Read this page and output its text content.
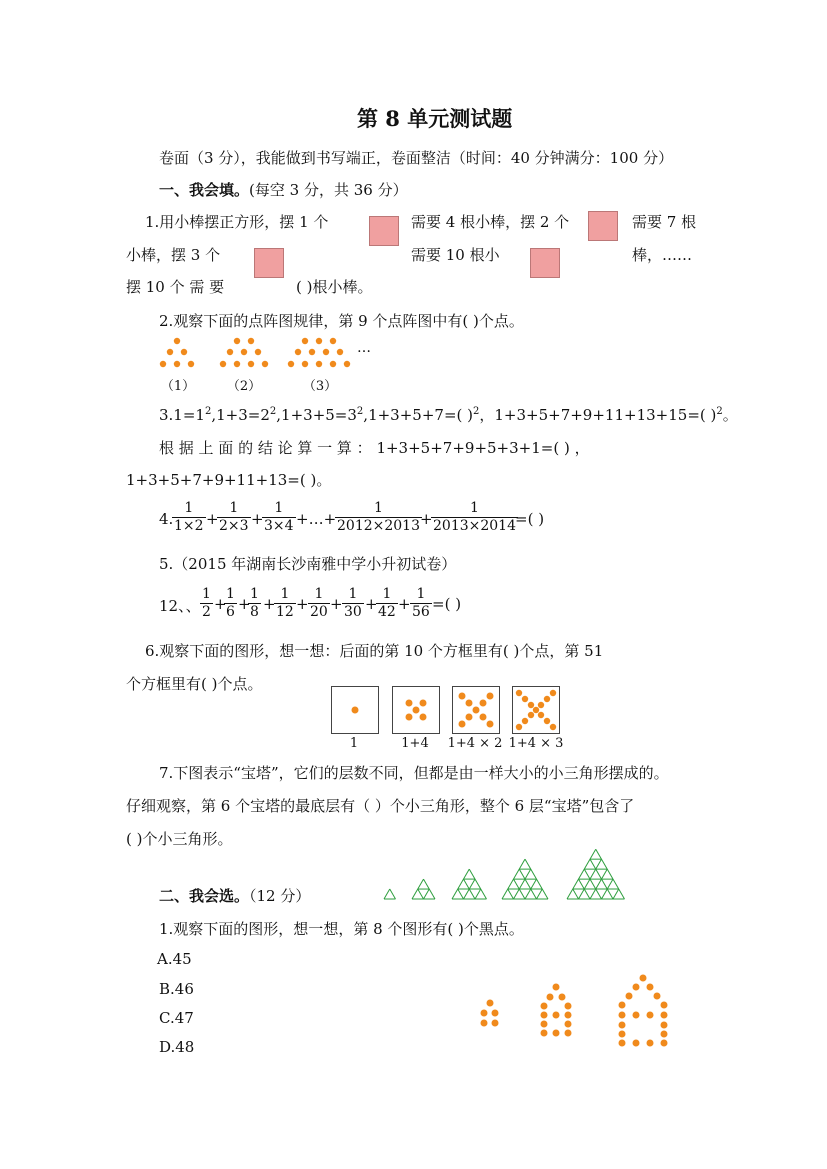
第 8 单元测试题
卷面（3 分），我能做到书写端正，卷面整洁（时间：40 分钟满分：100 分）
一、我会填。(每空 3 分，共 36 分）
1.用小棒摆正方形，摆 1 个	需要 4 根小棒，摆 2 个	需要 7 根
小棒，摆 3 个	需要 10 根小	棒，……
摆 10 个 需 要	( )根小棒。
2.观察下面的点阵图规律，第 9 个点阵图中有( )个点。
…
（1）	（2）	（3）
$3.1=1^2,1+3=2^2,1+3+5=3^2,1+3+5+7=$( )$^2$，1+3+5+7+9+11+13+15=( )$^2$。
根 据 上 面 的 结 论 算 一 算 ： 1+3+5+7+9+5+3+1=( ) ，
1+3+5+7+9+11+13=( )。
4.
$\frac{1}{1\times 2}$ +
$\frac{1}{2\times 3}$ +
$\frac{1}{3\times 4}$ +…+
$\frac{1}{2012\times 2013}$
+
$\frac{1}{2013\times 2014}$
=( )
5.（2015 年湖南长沙南雅中学小升初试卷）
12、、 $\frac{1}{2}$ +
$\frac{1}{6}$ +
$\frac{1}{8}$ +
$\frac{1}{12} + \frac{1}{20} + \frac{1}{30}$ +
$\frac{1}{42} + \frac{1}{56}$ =( )
6.观察下面的图形，想一想：后面的第 10 个方框里有( )个点，第 51
个方框里有( )个点。
1	1+4	1+4 × 2 1+4 × 3
7.下图表示“宝塔”，它们的层数不同，但都是由一样大小的小三角形摆成的。
仔细观察，第 6 个宝塔的最底层有（ ）个小三角形，整个 6 层“宝塔”包含了
( )个小三角形。
二、我会选。（12 分）
1.观察下面的图形，想一想，第 8 个图形有( )个黑点。
A.45
B.46
C.47
D.48
